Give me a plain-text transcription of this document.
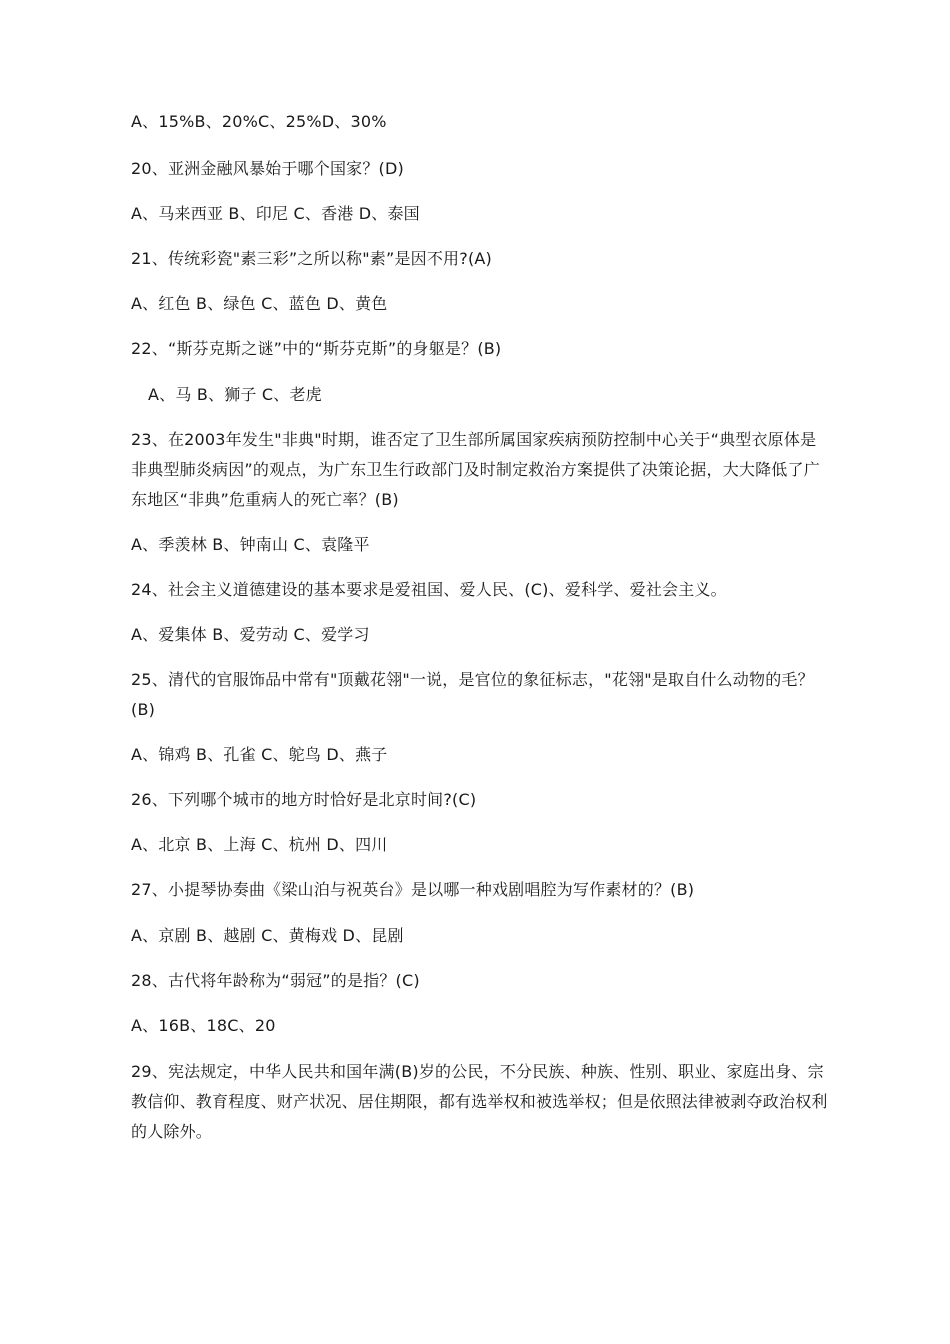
A、15%B、20%C、25%D、30%
20、亚洲金融风暴始于哪个国家？(D)
A、马来西亚 B、印尼 C、香港 D、泰国
21、传统彩瓷"素三彩”之所以称"素”是因不用?(A)
A、红色 B、绿色 C、蓝色 D、黄色
22、“斯芬克斯之谜”中的“斯芬克斯”的身躯是？(B)
A、马 B、狮子 C、老虎
23、在2003年发生"非典"时期，谁否定了卫生部所属国家疾病预防控制中心关于“典型衣原体是非典型肺炎病因”的观点，为广东卫生行政部门及时制定救治方案提供了决策论据，大大降低了广东地区“非典”危重病人的死亡率？(B)
A、季羡林 B、钟南山 C、袁隆平
24、社会主义道德建设的基本要求是爱祖国、爱人民、(C)、爱科学、爱社会主义。
A、爱集体 B、爱劳动 C、爱学习
25、清代的官服饰品中常有"顶戴花翎"一说，是官位的象征标志，"花翎"是取自什么动物的毛？(B)
A、锦鸡 B、孔雀 C、鸵鸟 D、燕子
26、下列哪个城市的地方时恰好是北京时间?(C)
A、北京 B、上海 C、杭州 D、四川
27、小提琴协奏曲《梁山泊与祝英台》是以哪一种戏剧唱腔为写作素材的？(B)
A、京剧 B、越剧 C、黄梅戏 D、昆剧
28、古代将年龄称为“弱冠”的是指？(C)
A、16B、18C、20
29、宪法规定，中华人民共和国年满(B)岁的公民，不分民族、种族、性别、职业、家庭出身、宗教信仰、教育程度、财产状况、居住期限，都有选举权和被选举权；但是依照法律被剥夺政治权利的人除外。
